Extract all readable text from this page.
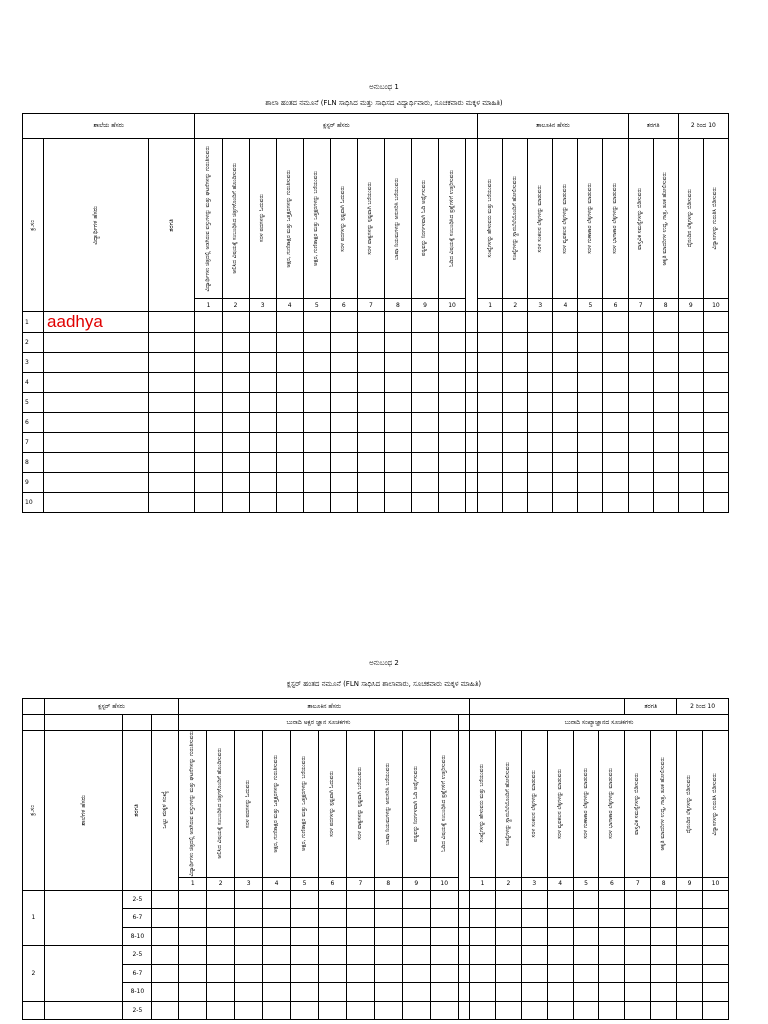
ಅನುಬಂಧ 1
ಶಾಲಾ ಹಂತದ ನಮೂನೆ (FLN ಸಾಧಿಸಿದ ಮತ್ತು ಸಾಧಿಸದ ವಿದ್ಯಾರ್ಥಿವಾರು, ಸೂಚಕವಾರು ಮಕ್ಕಳ ಮಾಹಿತಿ)
ಶಾಲೆಯ ಹೆಸರು			ಕ್ಲಸ್ಟರ್ ಹೆಸರು											ತಾಲೂಕಿನ ಹೆಸರು						ತರಗತಿ		2 ರಿಂದ 10	

ಕ್ರ.ಸಂ	ವಿದ್ಯಾರ್ಥಿಗಳ ಹೆಸರು	ತರಗತಿ	ವಿದ್ಯಾರ್ಥಿಗಳು ಚಿತ್ರದಲ್ಲಿ ಅಡಗಿರುವ ವಸ್ತುಗಳನ್ನು ಮತ್ತು ಘಟನೆಗಳನ್ನು ಗುರುತಿಸುವರು	ಆಲಿಸಿದ ವಿಷಯಕ್ಕೆ ಸಂಬಂಧಿಸಿದ ಚಿತ್ರಗಳೊಂದಿಗೆ ಹೊಂದಿಸುವರು	ಸರಳ ಪದಗಳನ್ನು ಓದುವರು	ಅಕ್ಷರ, ಗುಣಿತಾಕ್ಷರ ಮತ್ತು ಒತ್ತಕ್ಷರಗಳನ್ನು ಗುರುತಿಸುವರು	ಅಕ್ಷರ, ಗುಣಿತಾಕ್ಷರ ಮತ್ತು ಒತ್ತಕ್ಷರಗಳನ್ನು ಬರೆಯುವರು	ಸರಳ ಪದಗಳನ್ನು ಸ್ಪಷ್ಟವಾಗಿ ಓದುವರು	ಸರಳ ವಾಕ್ಯಗಳನ್ನು ಸ್ಪಷ್ಟವಾಗಿ ಬರೆಯುವರು	ಬಾಷಾ ನಿಯಮಗಳನ್ನು ಅನುಸರಿಸಿ ಬರೆಯುವರು	ಪಠ್ಯವನ್ನು ನಿರರ್ಗಳವಾಗಿ ಓದಿ ಅರ್ಥೈಸುವರು	ಓದಿದ ವಿಷಯಕ್ಕೆ ಸಂಬಂಧಿಸಿದ ಪ್ರಶ್ನೆಗಳಿಗೆ ಉತ್ತರಿಸುವರು		ಸಂಖ್ಯೆಗಳನ್ನು ಹೇಳುವರು ಮತ್ತು ಬರೆಯುವರು	ಸಂಖ್ಯೆಗಳನ್ನು ಸ್ಥಾನಬೆಲೆಯೊಂದಿಗೆ ಹೋಲಿಸುವರು	ಸರಳ ಸಂಕಲನ ಲೆಕ್ಕಗಳನ್ನು ಮಾಡುವರು	ಸರಳ ವ್ಯವಕಲನ ಲೆಕ್ಕಗಳನ್ನು ಮಾಡುವರು	ಸರಳ ಗುಣಾಕಾರ ಲೆಕ್ಕಗಳನ್ನು ಮಾಡುವರು	ಸರಳ ಭಾಗಾಕಾರ ಲೆಕ್ಕಗಳನ್ನು ಮಾಡುವರು	ವಾಸ್ತವಿಕ ಸಮಸ್ಯೆಗಳನ್ನು ಬಿಡಿಸುವರು	ಆಕೃತಿ ಮಾದರಿಗಳ ಉದ್ದ, ಗಾತ್ರ, ತೂಕ ಹೋಲಿಸುವರು	ದೈನಂದಿನ ಲೆಕ್ಕಗಳನ್ನು ಬಿಡಿಸುವರು	ವಿನ್ಯಾಸಗಳನ್ನು ಗುರುತಿಸಿ ಬಿಡಿಸುವರು

			1	2	3	4	5	6	7	8	9	10		1	2	3	4	5	6	7	8	9	10
1	aadhya																						
2																							
3																							
4																							
5																							
6																							
7																							
8																							
9																							
10																							
ಅನುಬಂಧ 2
ಕ್ಲಸ್ಟರ್ ಹಂತದ ನಮೂನೆ (FLN ಸಾಧಿಸಿದ ಶಾಲಾವಾರು, ಸೂಚಕವಾರು ಮಕ್ಕಳ ಮಾಹಿತಿ)
	ಕ್ಲಸ್ಟರ್ ಹೆಸರು			ತಾಲೂಕಿನ ಹೆಸರು																	ತರಗತಿ		2 ರಿಂದ 10	
				ಬುನಾದಿ ಅಕ್ಷರ ಜ್ಞಾನ ಸೂಚಕಗಳು											ಬುನಾದಿ ಸಂಖ್ಯಾಜ್ಞಾನದ ಸೂಚಕಗಳು									

ಕ್ರ.ಸಂ	ಶಾಲೆಗಳ ಹೆಸರು	ತರಗತಿ	ಒಟ್ಟು ಮಕ್ಕಳ ಸಂಖ್ಯೆ	ವಿದ್ಯಾರ್ಥಿಗಳು ಚಿತ್ರದಲ್ಲಿ ಅಡಗಿರುವ ವಸ್ತುಗಳನ್ನು ಮತ್ತು ಘಟನೆಗಳನ್ನು ಗುರುತಿಸುವರು	ಆಲಿಸಿದ ವಿಷಯಕ್ಕೆ ಸಂಬಂಧಿಸಿದ ಚಿತ್ರಗಳೊಂದಿಗೆ ಹೊಂದಿಸುವರು	ಸರಳ ಪದಗಳನ್ನು ಓದುವರು	ಅಕ್ಷರ, ಗುಣಿತಾಕ್ಷರ ಮತ್ತು ಒತ್ತಕ್ಷರಗಳನ್ನು ಗುರುತಿಸುವರು	ಅಕ್ಷರ, ಗುಣಿತಾಕ್ಷರ ಮತ್ತು ಒತ್ತಕ್ಷರಗಳನ್ನು ಬರೆಯುವರು	ಸರಳ ಪದಗಳನ್ನು ಸ್ಪಷ್ಟವಾಗಿ ಓದುವರು	ಸರಳ ವಾಕ್ಯಗಳನ್ನು ಸ್ಪಷ್ಟವಾಗಿ ಬರೆಯುವರು	ಬಾಷಾ ನಿಯಮಗಳನ್ನು ಅನುಸರಿಸಿ ಬರೆಯುವರು	ಪಠ್ಯವನ್ನು ನಿರರ್ಗಳವಾಗಿ ಓದಿ ಅರ್ಥೈಸುವರು	ಓದಿದ ವಿಷಯಕ್ಕೆ ಸಂಬಂಧಿಸಿದ ಪ್ರಶ್ನೆಗಳಿಗೆ ಉತ್ತರಿಸುವರು		ಸಂಖ್ಯೆಗಳನ್ನು ಹೇಳುವರು ಮತ್ತು ಬರೆಯುವರು	ಸಂಖ್ಯೆಗಳನ್ನು ಸ್ಥಾನಬೆಲೆಯೊಂದಿಗೆ ಹೋಲಿಸುವರು	ಸರಳ ಸಂಕಲನ ಲೆಕ್ಕಗಳನ್ನು ಮಾಡುವರು	ಸರಳ ವ್ಯವಕಲನ ಲೆಕ್ಕಗಳನ್ನು ಮಾಡುವರು	ಸರಳ ಗುಣಾಕಾರ ಲೆಕ್ಕಗಳನ್ನು ಮಾಡುವರು	ಸರಳ ಭಾಗಾಕಾರ ಲೆಕ್ಕಗಳನ್ನು ಮಾಡುವರು	ವಾಸ್ತವಿಕ ಸಮಸ್ಯೆಗಳನ್ನು ಬಿಡಿಸುವರು	ಆಕೃತಿ ಮಾದರಿಗಳ ಉದ್ದ, ಗಾತ್ರ, ತೂಕ ಹೋಲಿಸುವರು	ದೈನಂದಿನ ಲೆಕ್ಕಗಳನ್ನು ಬಿಡಿಸುವರು	ವಿನ್ಯಾಸಗಳನ್ನು ಗುರುತಿಸಿ ಬಿಡಿಸುವರು

				1	2	3	4	5	6	7	8	9	10		1	2	3	4	5	6	7	8	9	10
1		2-5																						
		6-7																						
		8-10																						
2		2-5																						
		6-7																						
		8-10																						
		2-5																						
